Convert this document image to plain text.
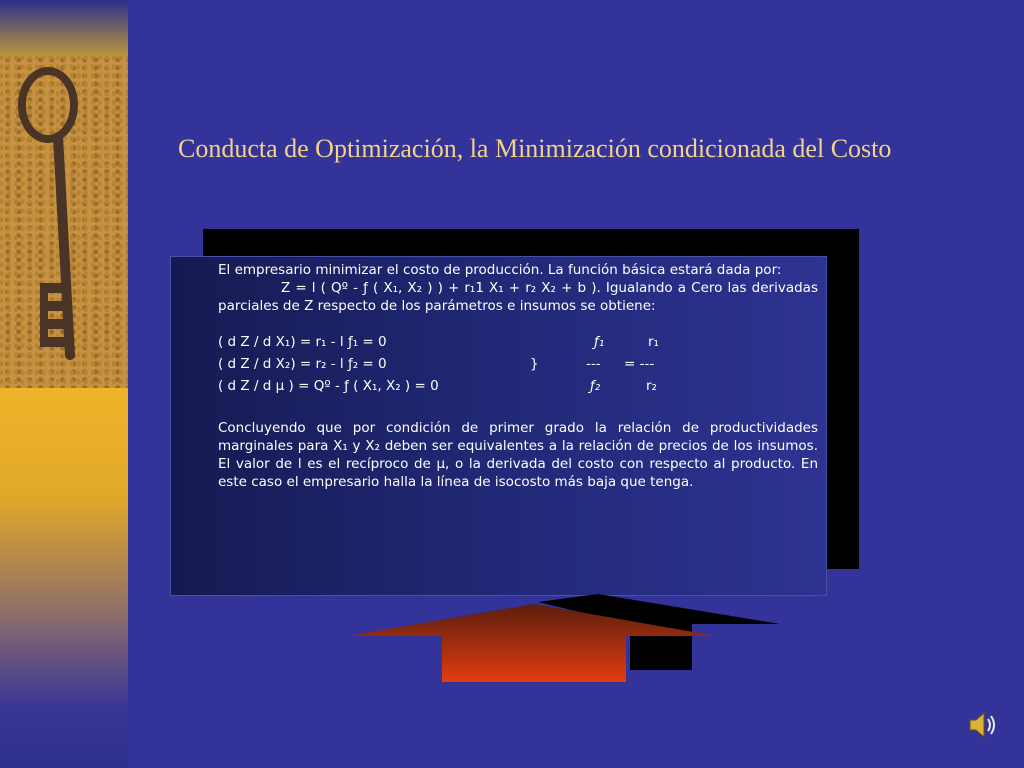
Conducta de Optimización, la Minimización condicionada del Costo

El empresario minimizar el costo de producción. La función básica estará dada por:

Z = l ( Qº - ƒ ( X₁, X₂ ) ) + r₁1 X₁ + r₂ X₂ + b ). Igualando a Cero las derivadas parciales de Z respecto de los parámetros e insumos se obtiene:

( d Z / d X₁) = r₁ - l ƒ₁ = 0	ƒ₁	r₁
( d Z / d X₂) = r₂ - l ƒ₂ = 0	}	--- = ---
( d Z / d μ ) = Qº - ƒ ( X₁, X₂ ) = 0	ƒ₂	r₂

Concluyendo que por condición de primer grado la relación de productividades marginales para X₁ y X₂ deben ser equivalentes a la relación de precios de los insumos. El valor de l es el recíproco de μ, o la derivada del costo con respecto al producto. En este caso el empresario halla la línea de isocosto más baja que tenga.
